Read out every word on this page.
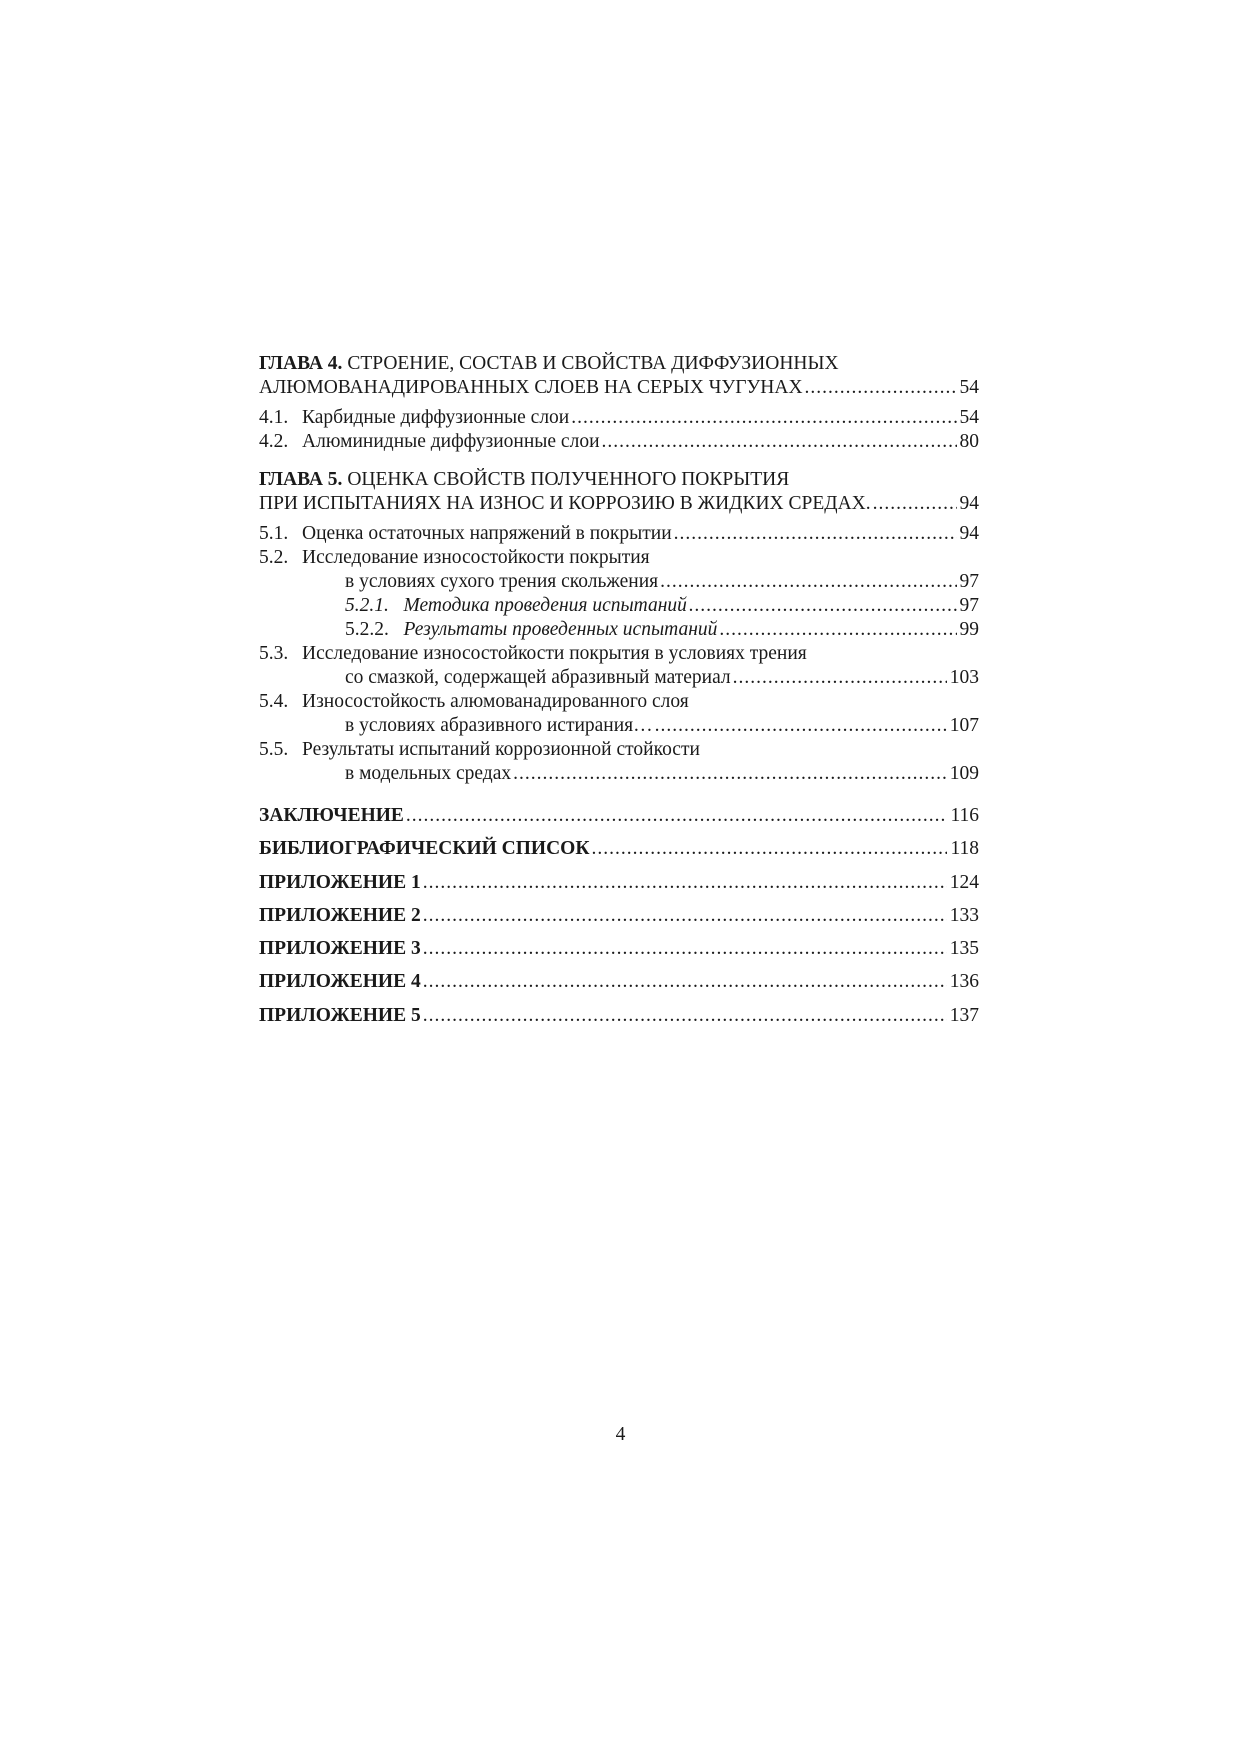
ГЛАВА 4. СТРОЕНИЕ, СОСТАВ И СВОЙСТВА ДИФФУЗИОННЫХ
АЛЮМОВАНАДИРОВАННЫХ СЛОЕВ НА СЕРЫХ ЧУГУНАХ .....	54
4.1. Карбидные диффузионные слои .....	54
4.2. Алюминидные диффузионные слои .....	80
ГЛАВА 5. ОЦЕНКА СВОЙСТВ ПОЛУЧЕННОГО ПОКРЫТИЯ
ПРИ ИСПЫТАНИЯХ НА ИЗНОС И КОРРОЗИЮ В ЖИДКИХ СРЕДАХ. .....	94
5.1. Оценка остаточных напряжений в покрытии .....	94
5.2. Исследование износостойкости покрытия
в условиях сухого трения скольжения .....	97
5.2.1. Методика проведения испытаний .....	97
5.2.2. Результаты проведенных испытаний .....	99
5.3. Исследование износостойкости покрытия в условиях трения
со смазкой, содержащей абразивный материал .....	103
5.4. Износостойкость алюмованадированного слоя
в условиях абразивного истирания… .....	107
5.5. Результаты испытаний коррозионной стойкости
в модельных средах .....	109
ЗАКЛЮЧЕНИЕ .....	116
БИБЛИОГРАФИЧЕСКИЙ СПИСОК .....	118
ПРИЛОЖЕНИЕ 1 .....	124
ПРИЛОЖЕНИЕ 2 .....	133
ПРИЛОЖЕНИЕ 3 .....	135
ПРИЛОЖЕНИЕ 4 .....	136
ПРИЛОЖЕНИЕ 5 .....	137
4
